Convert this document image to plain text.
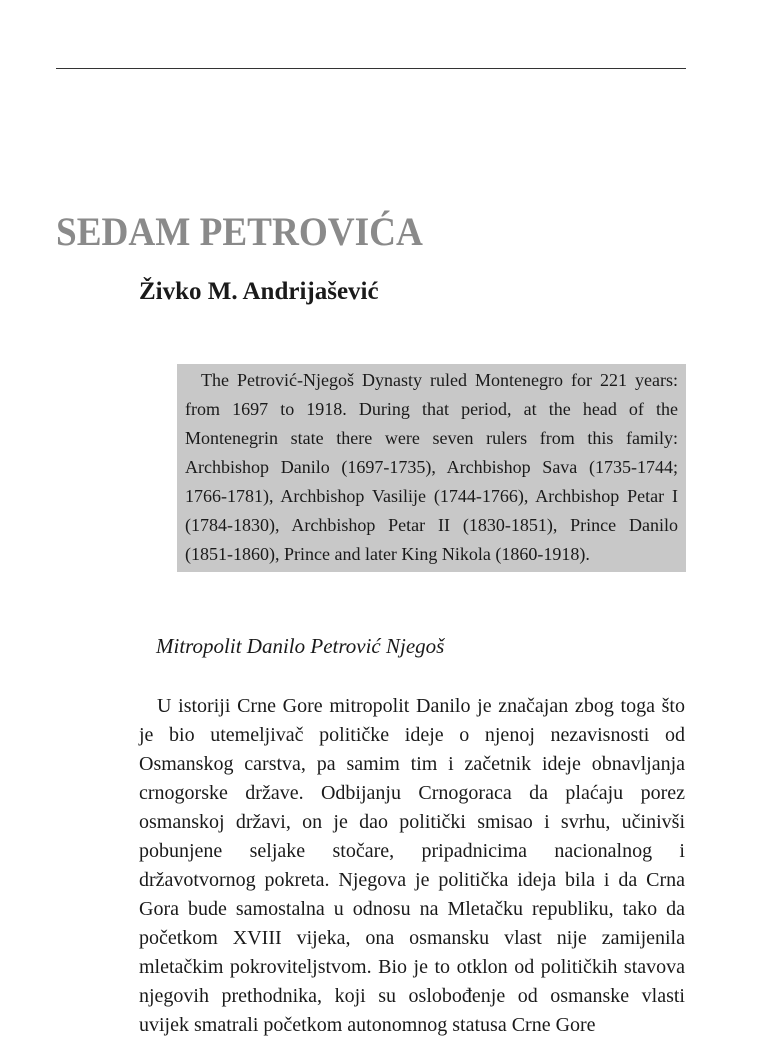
SEDAM PETROVIĆA
Živko M. Andrijašević

The Petrović-Njegoš Dynasty ruled Montenegro for 221 years: from 1697 to 1918. During that period, at the head of the Montenegrin state there were seven rulers from this family: Archbishop Danilo (1697-1735), Archbishop Sava (1735-1744; 1766-1781), Archbishop Vasilije (1744-1766), Archbishop Petar I (1784-1830), Archbishop Petar II (1830-1851), Prince Danilo (1851-1860), Prince and later King Nikola (1860-1918).

Mitropolit Danilo Petrović Njegoš

U istoriji Crne Gore mitropolit Danilo je značajan zbog toga što je bio utemeljivač političke ideje o njenoj nezavisnosti od Osmanskog carstva, pa samim tim i začetnik ideje obnavljanja crnogorske države. Odbijanju Crnogoraca da plaćaju porez osmanskoj državi, on je dao politički smisao i svrhu, učinivši pobunjene seljake stočare, pripadnicima nacionalnog i državotvornog pokreta. Njegova je politička ideja bila i da Crna Gora bude samostalna u odnosu na Mletačku republiku, tako da početkom XVIII vijeka, ona osmansku vlast nije zamijenila mletačkim pokroviteljstvom. Bio je to otklon od političkih stavova njegovih prethodnika, koji su oslobođenje od osmanske vlasti uvijek smatrali početkom autonomnog statusa Crne Gore
